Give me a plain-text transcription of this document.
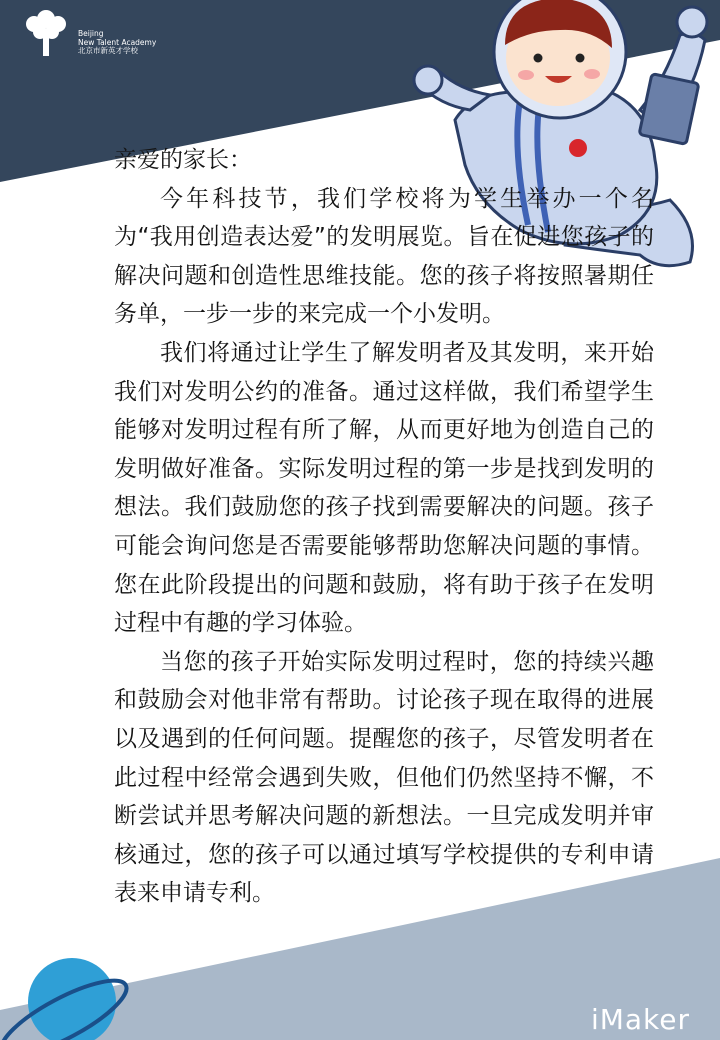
Beijing
New Talent Academy
北京市新英才学校

亲爱的家长：

今年科技节，我们学校将为学生举办一个名为“我用创造表达爱”的发明展览。旨在促进您孩子的解决问题和创造性思维技能。您的孩子将按照暑期任务单，一步一步的来完成一个小发明。

我们将通过让学生了解发明者及其发明，来开始我们对发明公约的准备。通过这样做，我们希望学生能够对发明过程有所了解，从而更好地为创造自己的发明做好准备。实际发明过程的第一步是找到发明的想法。我们鼓励您的孩子找到需要解决的问题。孩子可能会询问您是否需要能够帮助您解决问题的事情。您在此阶段提出的问题和鼓励，将有助于孩子在发明过程中有趣的学习体验。

当您的孩子开始实际发明过程时，您的持续兴趣和鼓励会对他非常有帮助。讨论孩子现在取得的进展以及遇到的任何问题。提醒您的孩子，尽管发明者在此过程中经常会遇到失败，但他们仍然坚持不懈，不断尝试并思考解决问题的新想法。一旦完成发明并审核通过，您的孩子可以通过填写学校提供的专利申请表来申请专利。

iMaker
